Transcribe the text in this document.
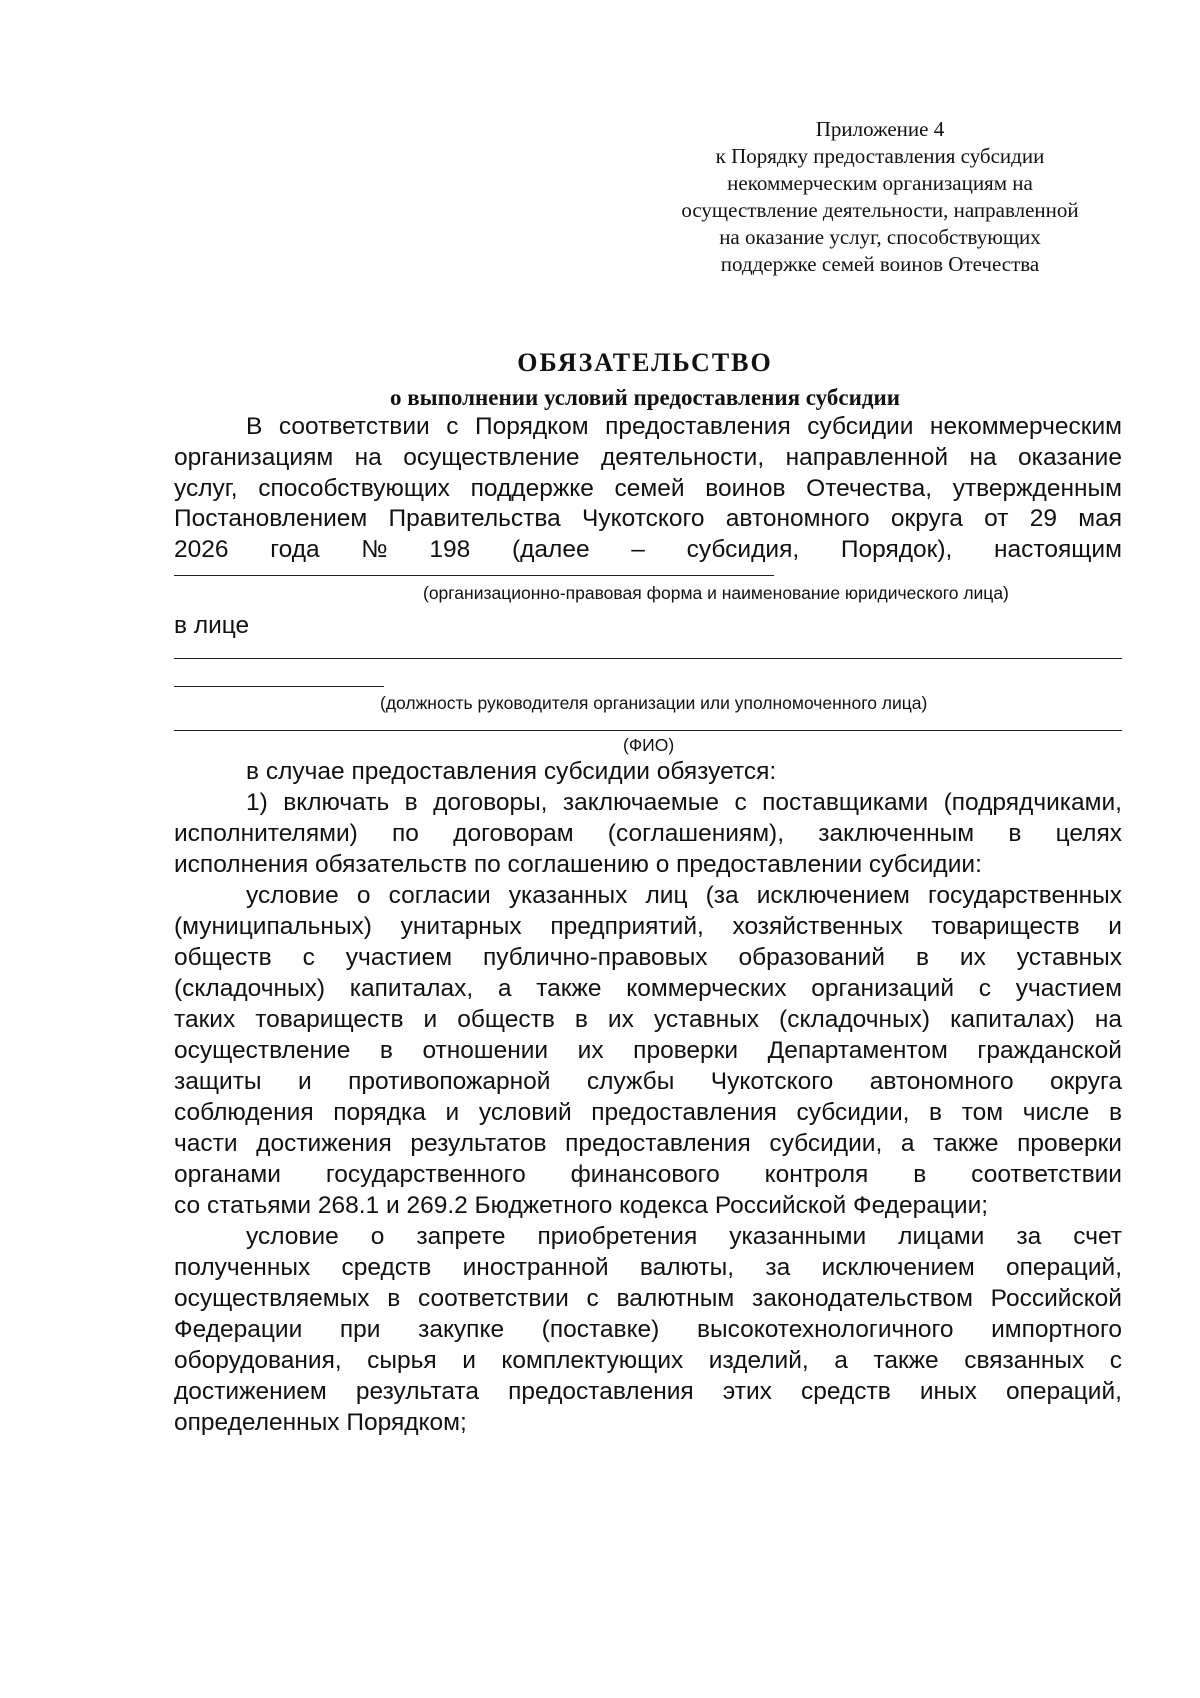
Приложение 4
к Порядку предоставления субсидии
некоммерческим организациям на
осуществление деятельности, направленной
на оказание услуг, способствующих
поддержке семей воинов Отечества
ОБЯЗАТЕЛЬСТВО
о выполнении условий предоставления субсидии
В соответствии с Порядком предоставления субсидии некоммерческим
организациям на осуществление деятельности, направленной на оказание
услуг, способствующих поддержке семей воинов Отечества, утвержденным
Постановлением Правительства Чукотского автономного округа от 29 мая
2026 года № 198 (далее – субсидия, Порядок), настоящим
(организационно-правовая форма и наименование юридического лица)
в лице
(должность руководителя организации или уполномоченного лица)
(ФИО)
в случае предоставления субсидии обязуется:
1) включать в договоры, заключаемые с поставщиками (подрядчиками,
исполнителями) по договорам (соглашениям), заключенным в целях
исполнения обязательств по соглашению о предоставлении субсидии:
условие о согласии указанных лиц (за исключением государственных
(муниципальных) унитарных предприятий, хозяйственных товариществ и
обществ с участием публично-правовых образований в их уставных
(складочных) капиталах, а также коммерческих организаций с участием
таких товариществ и обществ в их уставных (складочных) капиталах) на
осуществление в отношении их проверки Департаментом гражданской
защиты и противопожарной службы Чукотского автономного округа
соблюдения порядка и условий предоставления субсидии, в том числе в
части достижения результатов предоставления субсидии, а также проверки
органами государственного финансового контроля в соответствии
со статьями 268.1 и 269.2 Бюджетного кодекса Российской Федерации;
условие о запрете приобретения указанными лицами за счет
полученных средств иностранной валюты, за исключением операций,
осуществляемых в соответствии с валютным законодательством Российской
Федерации при закупке (поставке) высокотехнологичного импортного
оборудования, сырья и комплектующих изделий, а также связанных с
достижением результата предоставления этих средств иных операций,
определенных Порядком;
